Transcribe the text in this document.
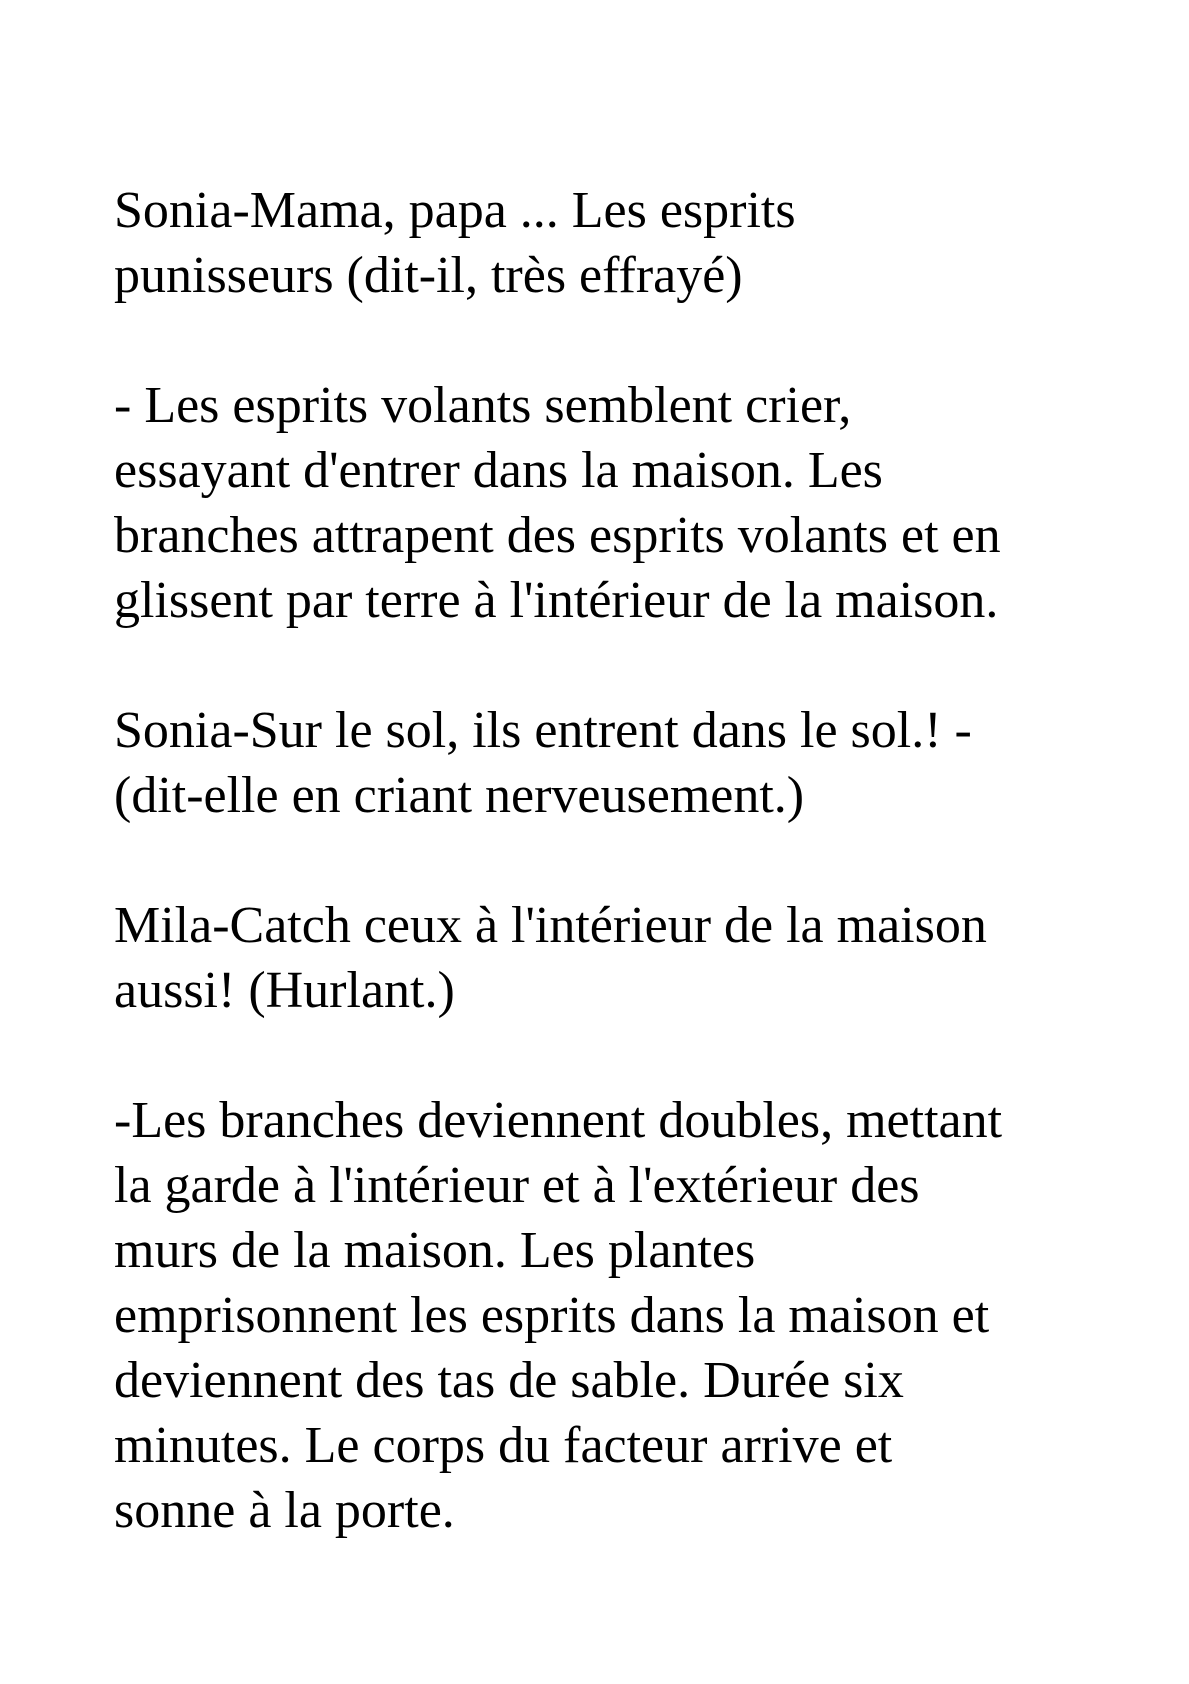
Sonia-Mama, papa ... Les esprits
punisseurs (dit-il, très effrayé)

- Les esprits volants semblent crier,
essayant d'entrer dans la maison. Les
branches attrapent des esprits volants et en
glissent par terre à l'intérieur de la maison.

Sonia-Sur le sol, ils entrent dans le sol.! -
(dit-elle en criant nerveusement.)

Mila-Catch ceux à l'intérieur de la maison
aussi! (Hurlant.)

-Les branches deviennent doubles, mettant
la garde à l'intérieur et à l'extérieur des
murs de la maison. Les plantes
emprisonnent les esprits dans la maison et
deviennent des tas de sable. Durée six
minutes. Le corps du facteur arrive et
sonne à la porte.
